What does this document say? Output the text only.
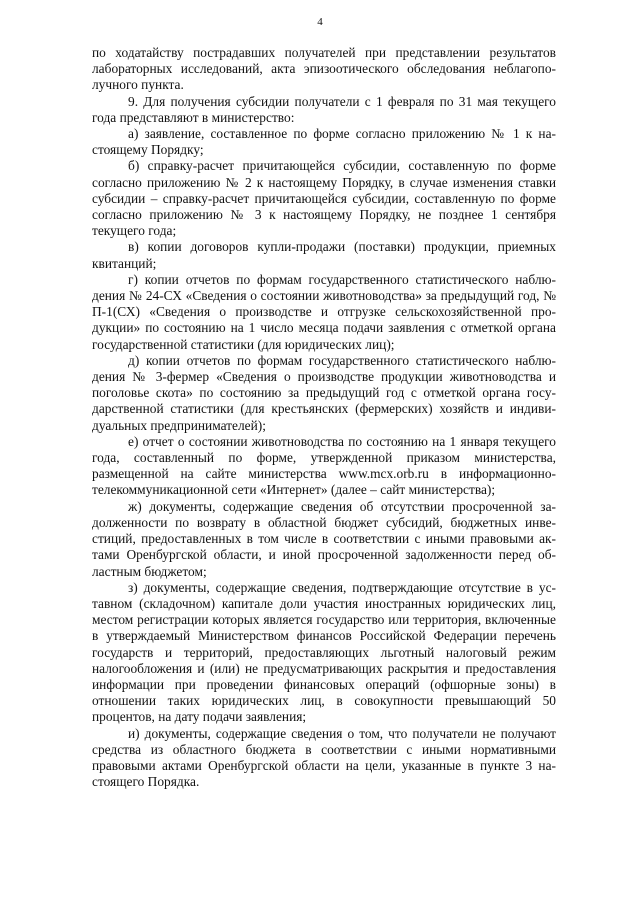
4

по ходатайству пострадавших получателей при представлении результатов лабораторных исследований, акта эпизоотического обследования неблагополучного пункта.

9. Для получения субсидии получатели с 1 февраля по 31 мая текущего года представляют в министерство:

а) заявление, составленное по форме согласно приложению № 1 к настоящему Порядку;

б) справку-расчет причитающейся субсидии, составленную по форме согласно приложению № 2 к настоящему Порядку, в случае изменения ставки субсидии – справку-расчет причитающейся субсидии, составленную по форме согласно приложению № 3 к настоящему Порядку, не позднее 1 сентября текущего года;

в) копии договоров купли-продажи (поставки) продукции, приемных квитанций;

г) копии отчетов по формам государственного статистического наблюдения № 24-СХ «Сведения о состоянии животноводства» за предыдущий год, № П-1(СХ) «Сведения о производстве и отгрузке сельскохозяйственной продукции» по состоянию на 1 число месяца подачи заявления с отметкой органа государственной статистики (для юридических лиц);

д) копии отчетов по формам государственного статистического наблюдения № 3-фермер «Сведения о производстве продукции животноводства и поголовье скота» по состоянию за предыдущий год с отметкой органа государственной статистики (для крестьянских (фермерских) хозяйств и индивидуальных предпринимателей);

е) отчет о состоянии животноводства по состоянию на 1 января текущего года, составленный по форме, утвержденной приказом министерства, размещенной на сайте министерства www.mcx.orb.ru в информационно-телекоммуникационной сети «Интернет» (далее – сайт министерства);

ж) документы, содержащие сведения об отсутствии просроченной задолженности по возврату в областной бюджет субсидий, бюджетных инвестиций, предоставленных в том числе в соответствии с иными правовыми актами Оренбургской области, и иной просроченной задолженности перед областным бюджетом;

з) документы, содержащие сведения, подтверждающие отсутствие в уставном (складочном) капитале доли участия иностранных юридических лиц, местом регистрации которых является государство или территория, включенные в утверждаемый Министерством финансов Российской Федерации перечень государств и территорий, предоставляющих льготный налоговый режим налогообложения и (или) не предусматривающих раскрытия и предоставления информации при проведении финансовых операций (офшорные зоны) в отношении таких юридических лиц, в совокупности превышающий 50 процентов, на дату подачи заявления;

и) документы, содержащие сведения о том, что получатели не получают средства из областного бюджета в соответствии с иными нормативными правовыми актами Оренбургской области на цели, указанные в пункте 3 настоящего Порядка.
